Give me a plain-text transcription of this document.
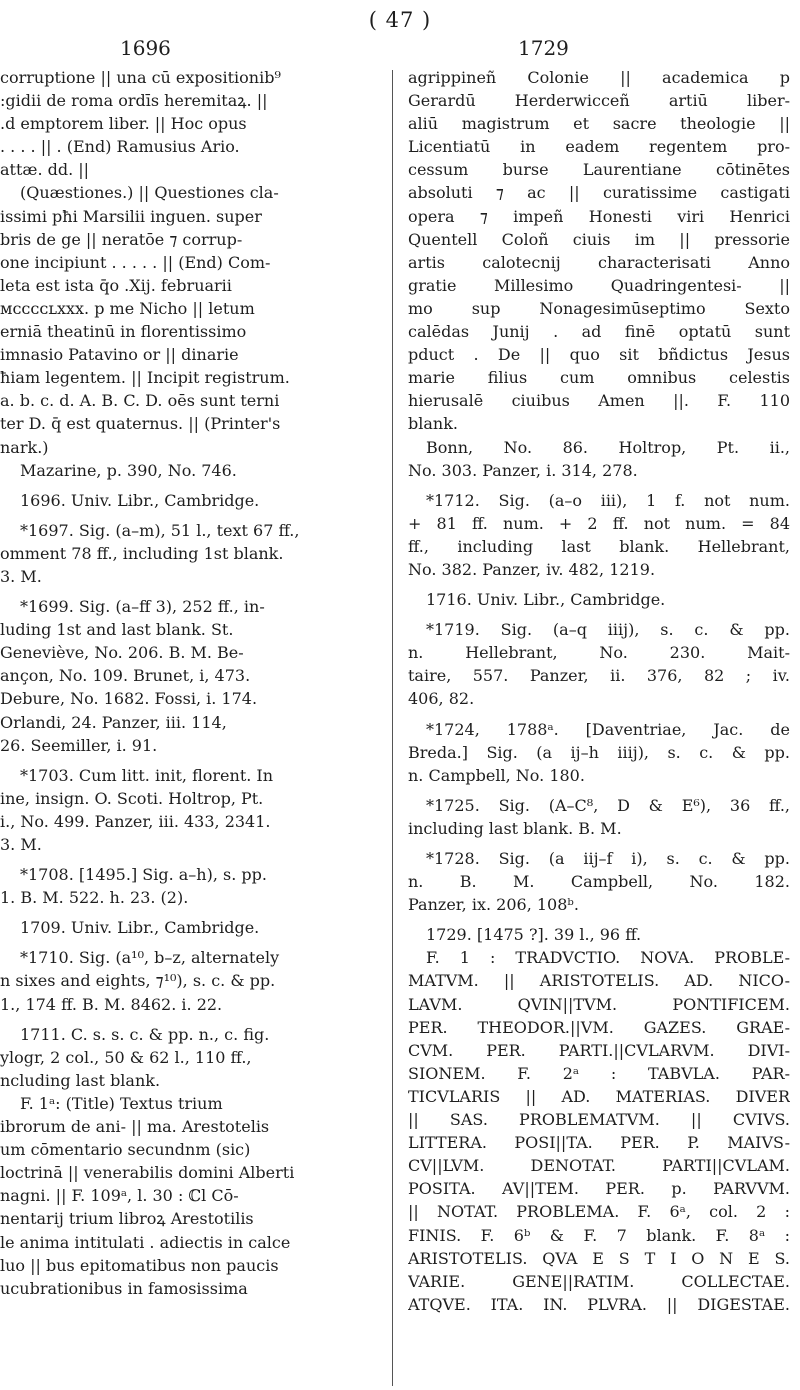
( 47 )
1696	1729
corruptione || una cū expositionib⁹
:gidii de roma ordīs heremitaꝝ. ||
.d emptorem liber. || Hoc opus
. . . . || . (End) Ramusius Ario.
attæ. dd. ||
(Quæstiones.) || Questiones cla-
issimi pħi Marsilii inguen. super
bris de ge || neratōe ⁊ corrup-
one incipiunt . . . . . || (End) Com-
leta est ista q̄o .Xij. februarii
ᴍᴄᴄᴄᴄʟxxx. p me Nicho || letum
erniā theatinū in florentissimo
imnasio Patavino or || dinarie
ħiam legentem. || Incipit registrum.
a. b. c. d. A. B. C. D. oēs sunt terni
ter D. q̄ est quaternus. || (Printer's
nark.)
Mazarine, p. 390, No. 746.
1696. Univ. Libr., Cambridge.
*1697. Sig. (a–m), 51 l., text 67 ff.,
omment 78 ff., including 1st blank.
3. M.
*1699. Sig. (a–ff 3), 252 ff., in-
luding 1st and last blank. St.
Geneviève, No. 206. B. M. Be-
ançon, No. 109. Brunet, i, 473.
Debure, No. 1682. Fossi, i. 174.
Orlandi, 24. Panzer, iii. 114,
26. Seemiller, i. 91.
*1703. Cum litt. init, florent. In
ine, insign. O. Scoti. Holtrop, Pt.
i., No. 499. Panzer, iii. 433, 2341.
3. M.
*1708. [1495.] Sig. a–h), s. pp.
1. B. M. 522. h. 23. (2).
1709. Univ. Libr., Cambridge.
*1710. Sig. (a¹⁰, b–z, alternately
n sixes and eights, ⁊¹⁰), s. c. & pp.
1., 174 ff. B. M. 8462. i. 22.
1711. C. s. s. c. & pp. n., c. fig.
ylogr, 2 col., 50 & 62 l., 110 ff.,
ncluding last blank.
F. 1ᵃ: (Title) Textus trium
ibrorum de ani- || ma. Arestotelis
um cōmentario secundnm (sic)
loctrinā || venerabilis domini Alberti
nagni. || F. 109ᵃ, l. 30 : ℂl Cō-
nentarij trium libroꝝ Arestotilis
le anima intitulati . adiectis in calce
luo || bus epitomatibus non paucis
ucubrationibus in famosissima
agrippineñ Colonie || academica p
Gerardū Herderwicceñ artiū liber-
aliū magistrum et sacre theologie ||
Licentiatū in eadem regentem pro-
cessum burse Laurentiane cōtinētes
absoluti ⁊ ac || curatissime castigati
opera ⁊ impeñ Honesti viri Henrici
Quentell Coloñ ciuis im || pressorie
artis calotecnij characterisati Anno
gratie Millesimo Quadringentesi- ||
mo sup Nonagesimūseptimo Sexto
calēdas Junij . ad finē optatū sunt
pduct . De || quo sit bñdictus Jesus
marie filius cum omnibus celestis
hierusalē ciuibus Amen ||. F. 110
blank.
Bonn, No. 86. Holtrop, Pt. ii.,
No. 303. Panzer, i. 314, 278.
*1712. Sig. (a–o iii), 1 f. not num.
+ 81 ff. num. + 2 ff. not num. = 84
ff., including last blank. Hellebrant,
No. 382. Panzer, iv. 482, 1219.
1716. Univ. Libr., Cambridge.
*1719. Sig. (a–q iiij), s. c. & pp.
n. Hellebrant, No. 230. Mait-
taire, 557. Panzer, ii. 376, 82 ; iv.
406, 82.
*1724, 1788ᵃ. [Daventriae, Jac. de
Breda.] Sig. (a ij–h iiij), s. c. & pp.
n. Campbell, No. 180.
*1725. Sig. (A–C⁸, D & E⁶), 36 ff.,
including last blank. B. M.
*1728. Sig. (a iij–f i), s. c. & pp.
n. B. M. Campbell, No. 182.
Panzer, ix. 206, 108ᵇ.
1729. [1475 ?]. 39 l., 96 ff.
F. 1 : TRADVCTIO. NOVA. PROBLE-
MATVM. || ARISTOTELIS. AD. NICO-
LAVM. QVIN||TVM. PONTIFICEM.
PER. THEODOR.||VM. GAZES. GRAE-
CVM. PER. PARTI.||CVLARVM. DIVI-
SIONEM. F. 2ᵃ : TABVLA. PAR-
TICVLARIS || AD. MATERIAS. DIVER
|| SAS. PROBLEMATVM. || CVIVS.
LITTERA. POSI||TA. PER. P. MAIVS-
CV||LVM. DENOTAT. PARTI||CVLAM.
POSITA. AV||TEM. PER. p. PARVVM.
|| NOTAT. PROBLEMA. F. 6ᵃ, col. 2 :
FINIS. F. 6ᵇ & F. 7 blank. F. 8ᵃ :
ARISTOTELIS. QVA E S T I O N E S.
VARIE. GENE||RATIM. COLLECTAE.
ATQVE. ITA. IN. PLVRA. || DIGESTAE.
